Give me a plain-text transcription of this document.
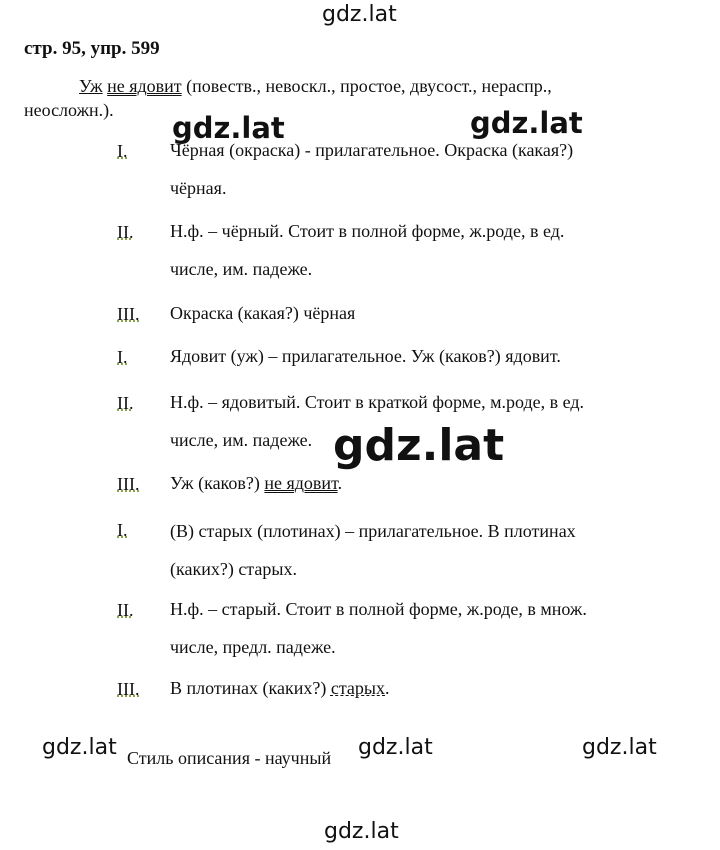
gdz.lat
gdz.lat	gdz.lat
gdz.lat
gdz.lat	gdz.lat	gdz.lat
gdz.lat
стр. 95, упр. 599
Уж не ядовит (повеств., невоскл., простое, двусост., нераспр.,
неосложн.).
I. Чёрная (окраска) - прилагательное. Окраска (какая?)
чёрная.
II. Н.ф. – чёрный. Стоит в полной форме, ж.роде, в ед.
числе, им. падеже.
III. Окраска (какая?) чёрная
I. Ядовит (уж) – прилагательное. Уж (каков?) ядовит.
II. Н.ф. – ядовитый. Стоит в краткой форме, м.роде, в ед.
числе, им. падеже.
III. Уж (каков?) не ядовит.
I. (В) старых (плотинах) – прилагательное. В плотинах
(каких?) старых.
II. Н.ф. – старый. Стоит в полной форме, ж.роде, в множ.
числе, предл. падеже.
III. В плотинах (каких?) старых.
Стиль описания - научный
